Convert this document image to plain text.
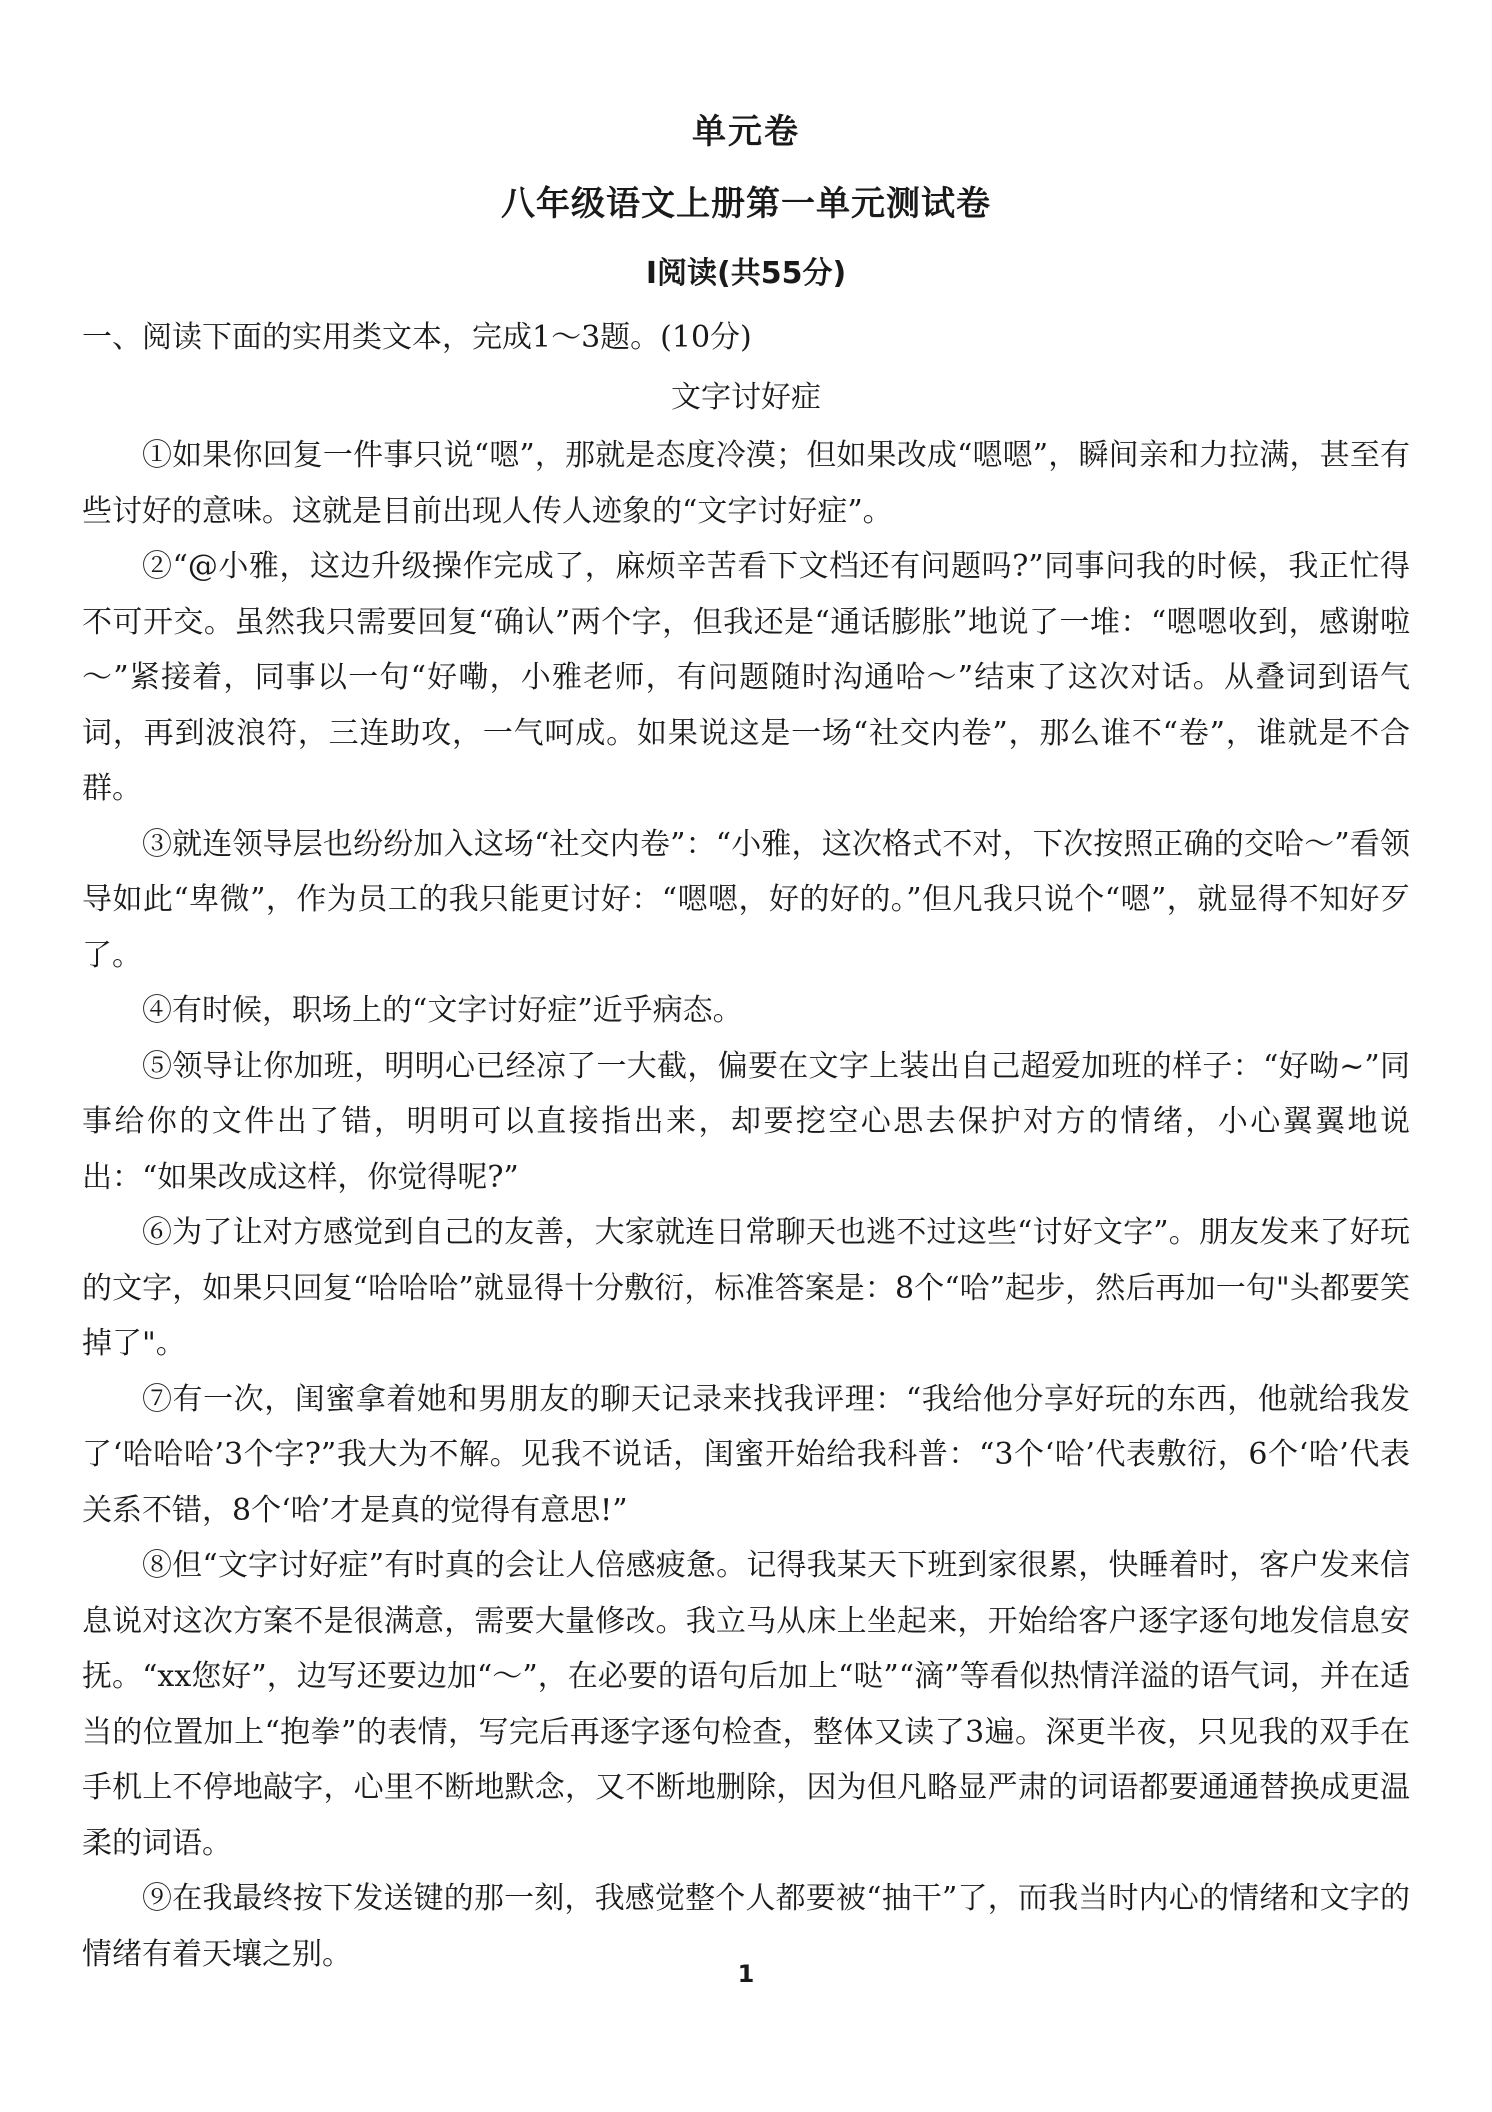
单元卷
八年级语文上册第一单元测试卷
Ⅰ阅读(共55分)
一、阅读下面的实用类文本，完成1～3题。(10分)
文字讨好症

①如果你回复一件事只说“嗯”，那就是态度冷漠；但如果改成“嗯嗯”，瞬间亲和力拉满，甚至有些讨好的意味。这就是目前出现人传人迹象的“文字讨好症”。

②“@小雅，这边升级操作完成了，麻烦辛苦看下文档还有问题吗?”同事问我的时候，我正忙得不可开交。虽然我只需要回复“确认”两个字，但我还是“通话膨胀”地说了一堆：“嗯嗯收到，感谢啦～”紧接着，同事以一句“好嘞，小雅老师，有问题随时沟通哈～”结束了这次对话。从叠词到语气词，再到波浪符，三连助攻，一气呵成。如果说这是一场“社交内卷”，那么谁不“卷”，谁就是不合群。

③就连领导层也纷纷加入这场“社交内卷”：“小雅，这次格式不对，下次按照正确的交哈～”看领导如此“卑微”，作为员工的我只能更讨好：“嗯嗯，好的好的。”但凡我只说个“嗯”，就显得不知好歹了。

④有时候，职场上的“文字讨好症”近乎病态。

⑤领导让你加班，明明心已经凉了一大截，偏要在文字上装出自己超爱加班的样子：“好呦~”同事给你的文件出了错，明明可以直接指出来，却要挖空心思去保护对方的情绪，小心翼翼地说出：“如果改成这样，你觉得呢?”

⑥为了让对方感觉到自己的友善，大家就连日常聊天也逃不过这些“讨好文字”。朋友发来了好玩的文字，如果只回复“哈哈哈”就显得十分敷衍，标准答案是：8个“哈”起步，然后再加一句"头都要笑掉了"。

⑦有一次，闺蜜拿着她和男朋友的聊天记录来找我评理：“我给他分享好玩的东西，他就给我发了‘哈哈哈’3个字?”我大为不解。见我不说话，闺蜜开始给我科普：“3个‘哈’代表敷衍，6个‘哈’代表关系不错，8个‘哈’才是真的觉得有意思!”

⑧但“文字讨好症”有时真的会让人倍感疲惫。记得我某天下班到家很累，快睡着时，客户发来信息说对这次方案不是很满意，需要大量修改。我立马从床上坐起来，开始给客户逐字逐句地发信息安抚。“xx您好”，边写还要边加“～”，在必要的语句后加上“哒”“滴”等看似热情洋溢的语气词，并在适当的位置加上“抱拳”的表情，写完后再逐字逐句检查，整体又读了3遍。深更半夜，只见我的双手在手机上不停地敲字，心里不断地默念，又不断地删除，因为但凡略显严肃的词语都要通通替换成更温柔的词语。

⑨在我最终按下发送键的那一刻，我感觉整个人都要被“抽干”了，而我当时内心的情绪和文字的情绪有着天壤之别。

1
